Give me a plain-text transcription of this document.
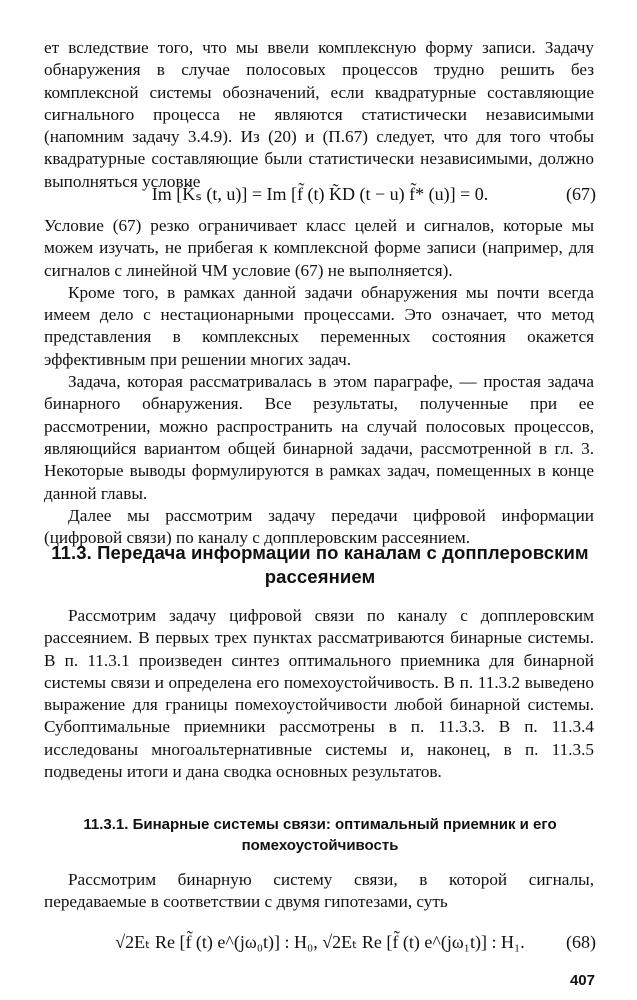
ет вследствие того, что мы ввели комплексную форму записи. Задачу обнаружения в случае полосовых процессов трудно решить без комплексной системы обозначений, если квадратурные составляющие сигнального процесса не являются статистически независимыми (напомним задачу 3.4.9). Из (20) и (П.67) следует, что для того чтобы квадратурные составляющие были статистически независимыми, должно выполняться условие

Im [K̃ₛ (t, u)] = Im [f̃ (t) K̃D (t − u) f̃* (u)] = 0.	(67)

Условие (67) резко ограничивает класс целей и сигналов, которые мы можем изучать, не прибегая к комплексной форме записи (например, для сигналов с линейной ЧМ условие (67) не выполняется).

Кроме того, в рамках данной задачи обнаружения мы почти всегда имеем дело с нестационарными процессами. Это означает, что метод представления в комплексных переменных состояния окажется эффективным при решении многих задач.

Задача, которая рассматривалась в этом параграфе, — простая задача бинарного обнаружения. Все результаты, полученные при ее рассмотрении, можно распространить на случай полосовых процессов, являющийся вариантом общей бинарной задачи, рассмотренной в гл. 3. Некоторые выводы формулируются в рамках задач, помещенных в конце данной главы.

Далее мы рассмотрим задачу передачи цифровой информации (цифровой связи) по каналу с допплеровским рассеянием.

11.3. Передача информации по каналам с допплеровским
рассеянием

Рассмотрим задачу цифровой связи по каналу с допплеровским рассеянием. В первых трех пунктах рассматриваются бинарные системы. В п. 11.3.1 произведен синтез оптимального приемника для бинарной системы связи и определена его помехоустойчивость. В п. 11.3.2 выведено выражение для границы помехоустойчивости любой бинарной системы. Субоптимальные приемники рассмотрены в п. 11.3.3. В п. 11.3.4 исследованы многоальтернативные системы и, наконец, в п. 11.3.5 подведены итоги и дана сводка основных результатов.

11.3.1. Бинарные системы связи: оптимальный приемник и его
помехоустойчивость

Рассмотрим бинарную систему связи, в которой сигналы, передаваемые в соответствии с двумя гипотезами, суть

√2Eₜ Re [f̃ (t) e^(jω₀t)] : H₀, √2Eₜ Re [f̃ (t) e^(jω₁t)] : H₁.	(68)
407
